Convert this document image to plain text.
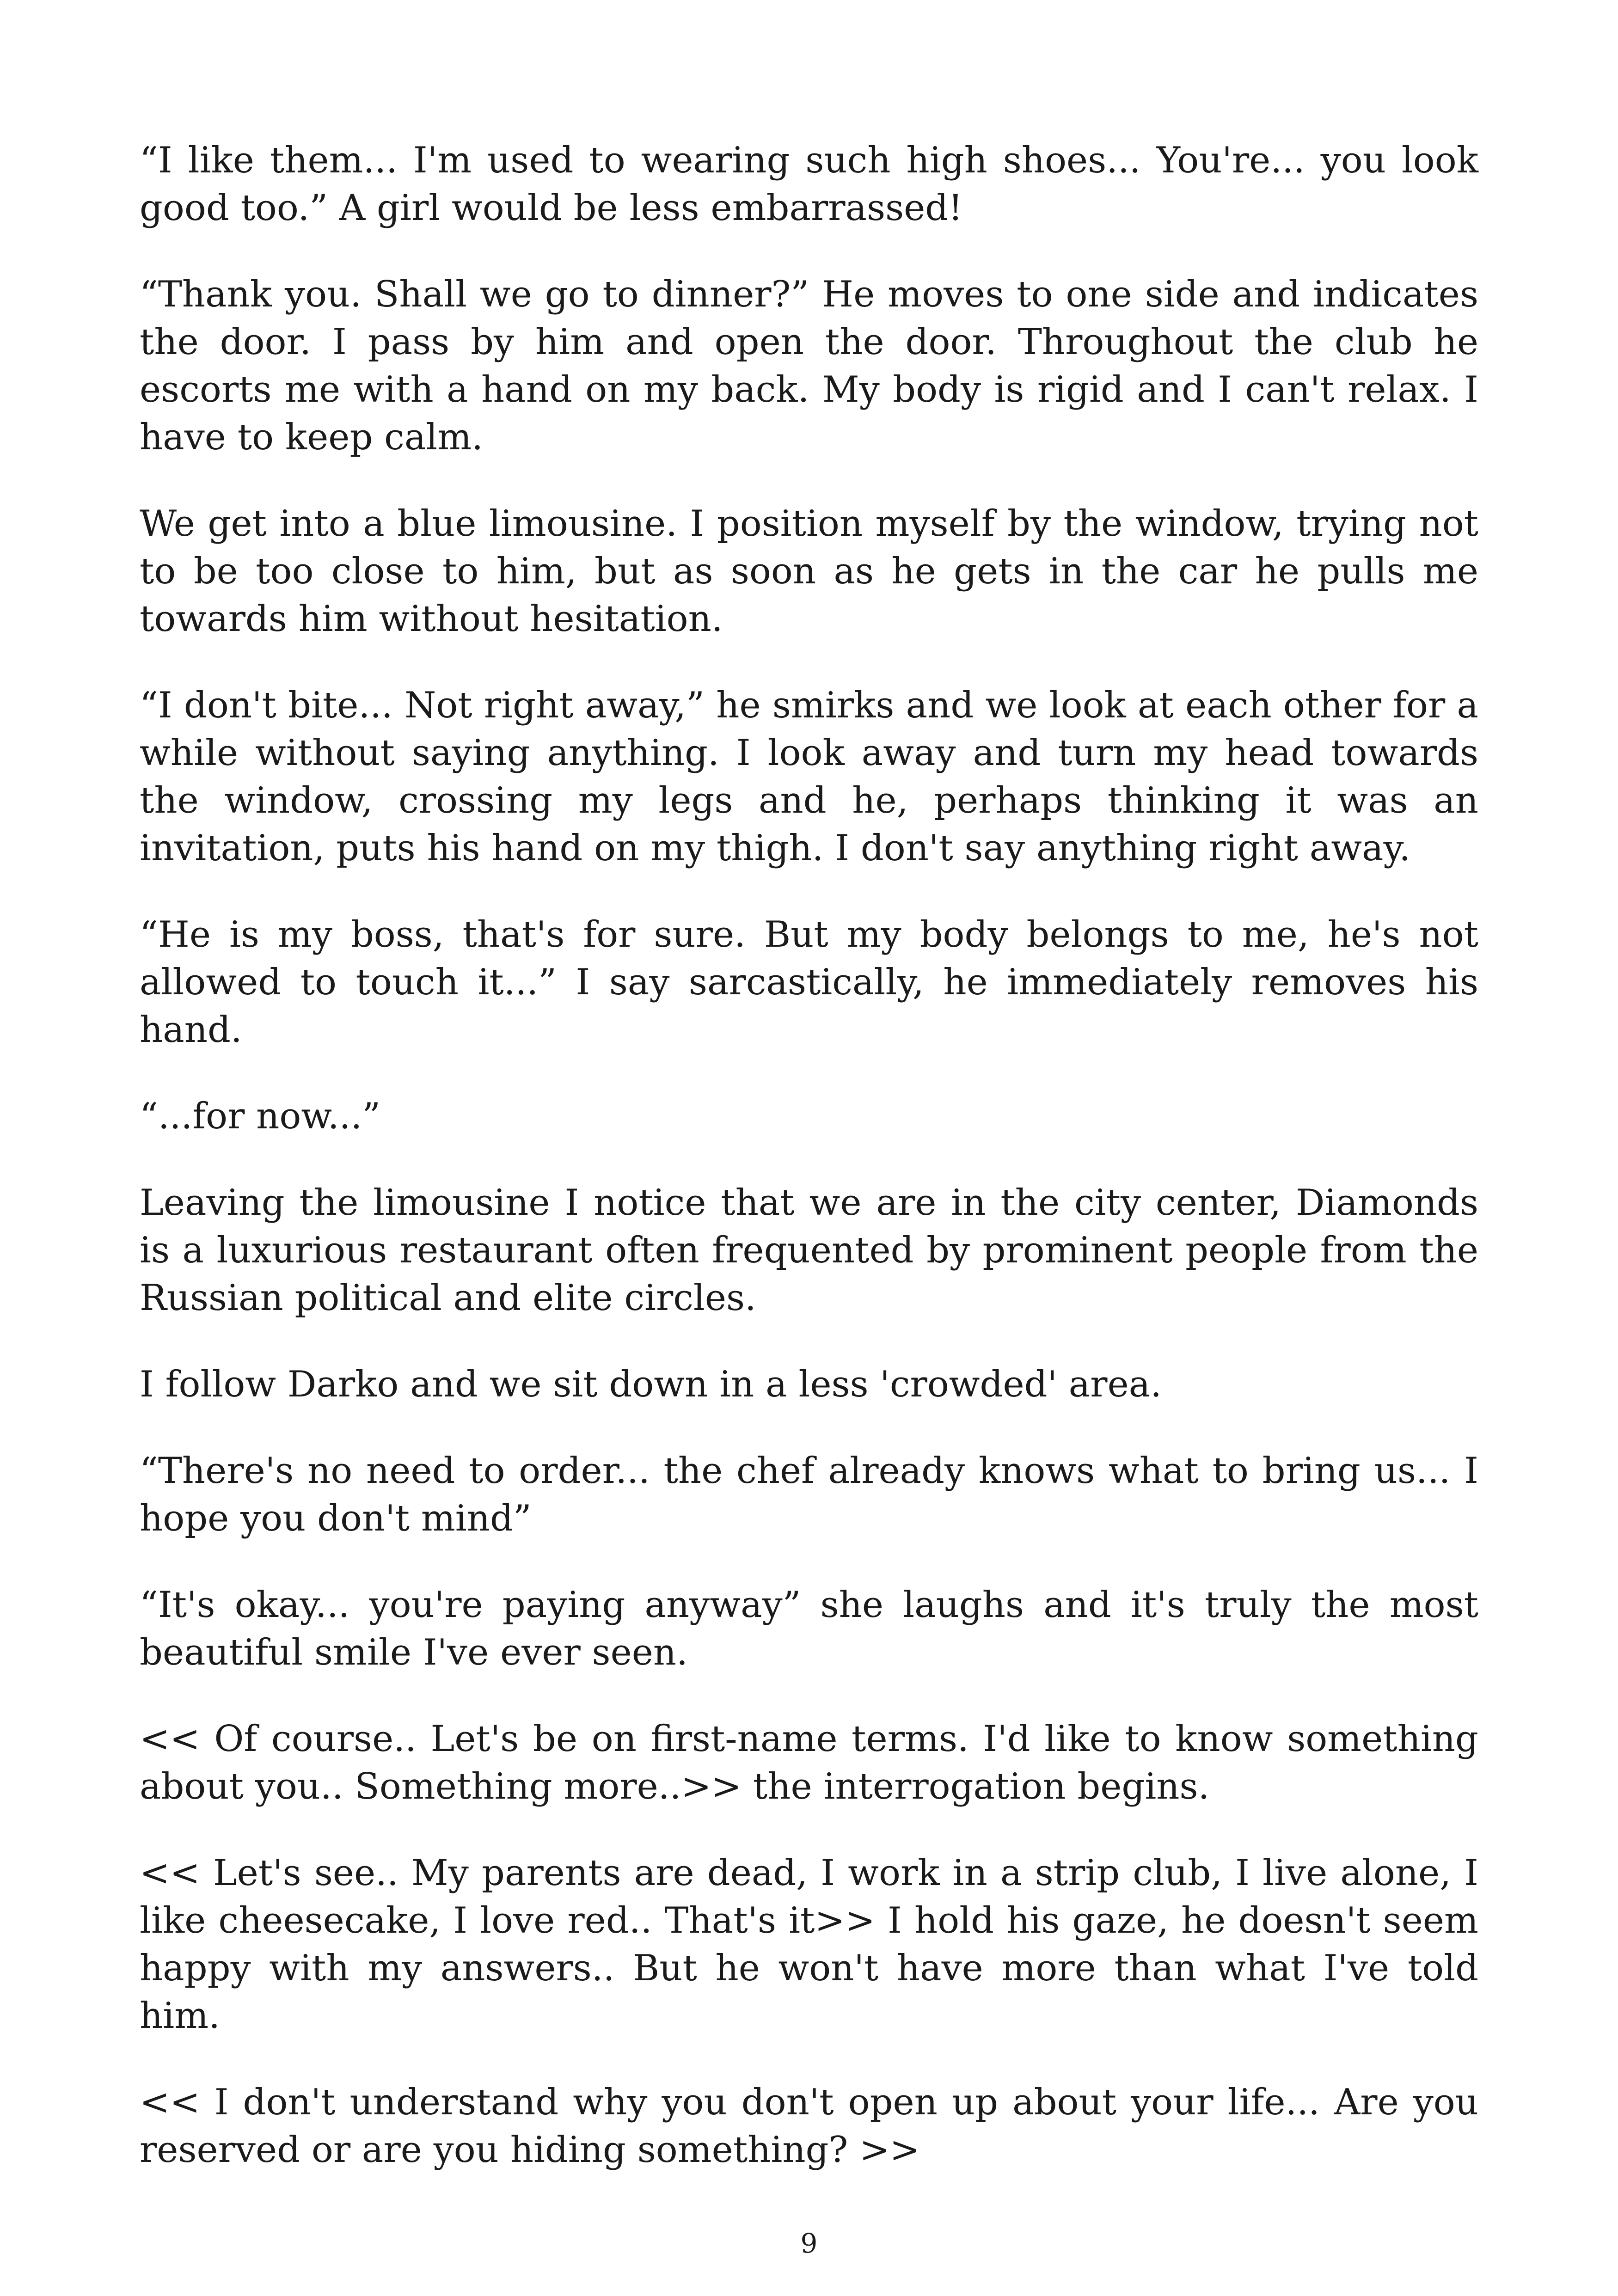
“I like them... I'm used to wearing such high shoes... You're... you look good too.” A girl would be less embarrassed!

“Thank you. Shall we go to dinner?” He moves to one side and indicates the door. I pass by him and open the door. Throughout the club he escorts me with a hand on my back. My body is rigid and I can't relax. I have to keep calm.

We get into a blue limousine. I position myself by the window, trying not to be too close to him, but as soon as he gets in the car he pulls me towards him without hesitation.

“I don't bite... Not right away,” he smirks and we look at each other for a while without saying anything. I look away and turn my head towards the window, crossing my legs and he, perhaps thinking it was an invitation, puts his hand on my thigh. I don't say anything right away.

“He is my boss, that's for sure. But my body belongs to me, he's not allowed to touch it...” I say sarcastically, he immediately removes his hand.

“...for now...”

Leaving the limousine I notice that we are in the city center, Diamonds is a luxurious restaurant often frequented by prominent people from the Russian political and elite circles.

I follow Darko and we sit down in a less 'crowded' area.

“There's no need to order... the chef already knows what to bring us... I hope you don't mind”

“It's okay... you're paying anyway” she laughs and it's truly the most beautiful smile I've ever seen.

<< Of course.. Let's be on first-name terms. I'd like to know something about you.. Something more..>> the interrogation begins.

<< Let's see.. My parents are dead, I work in a strip club, I live alone, I like cheesecake, I love red.. That's it>> I hold his gaze, he doesn't seem happy with my answers.. But he won't have more than what I've told him.

<< I don't understand why you don't open up about your life... Are you reserved or are you hiding something? >>

9
